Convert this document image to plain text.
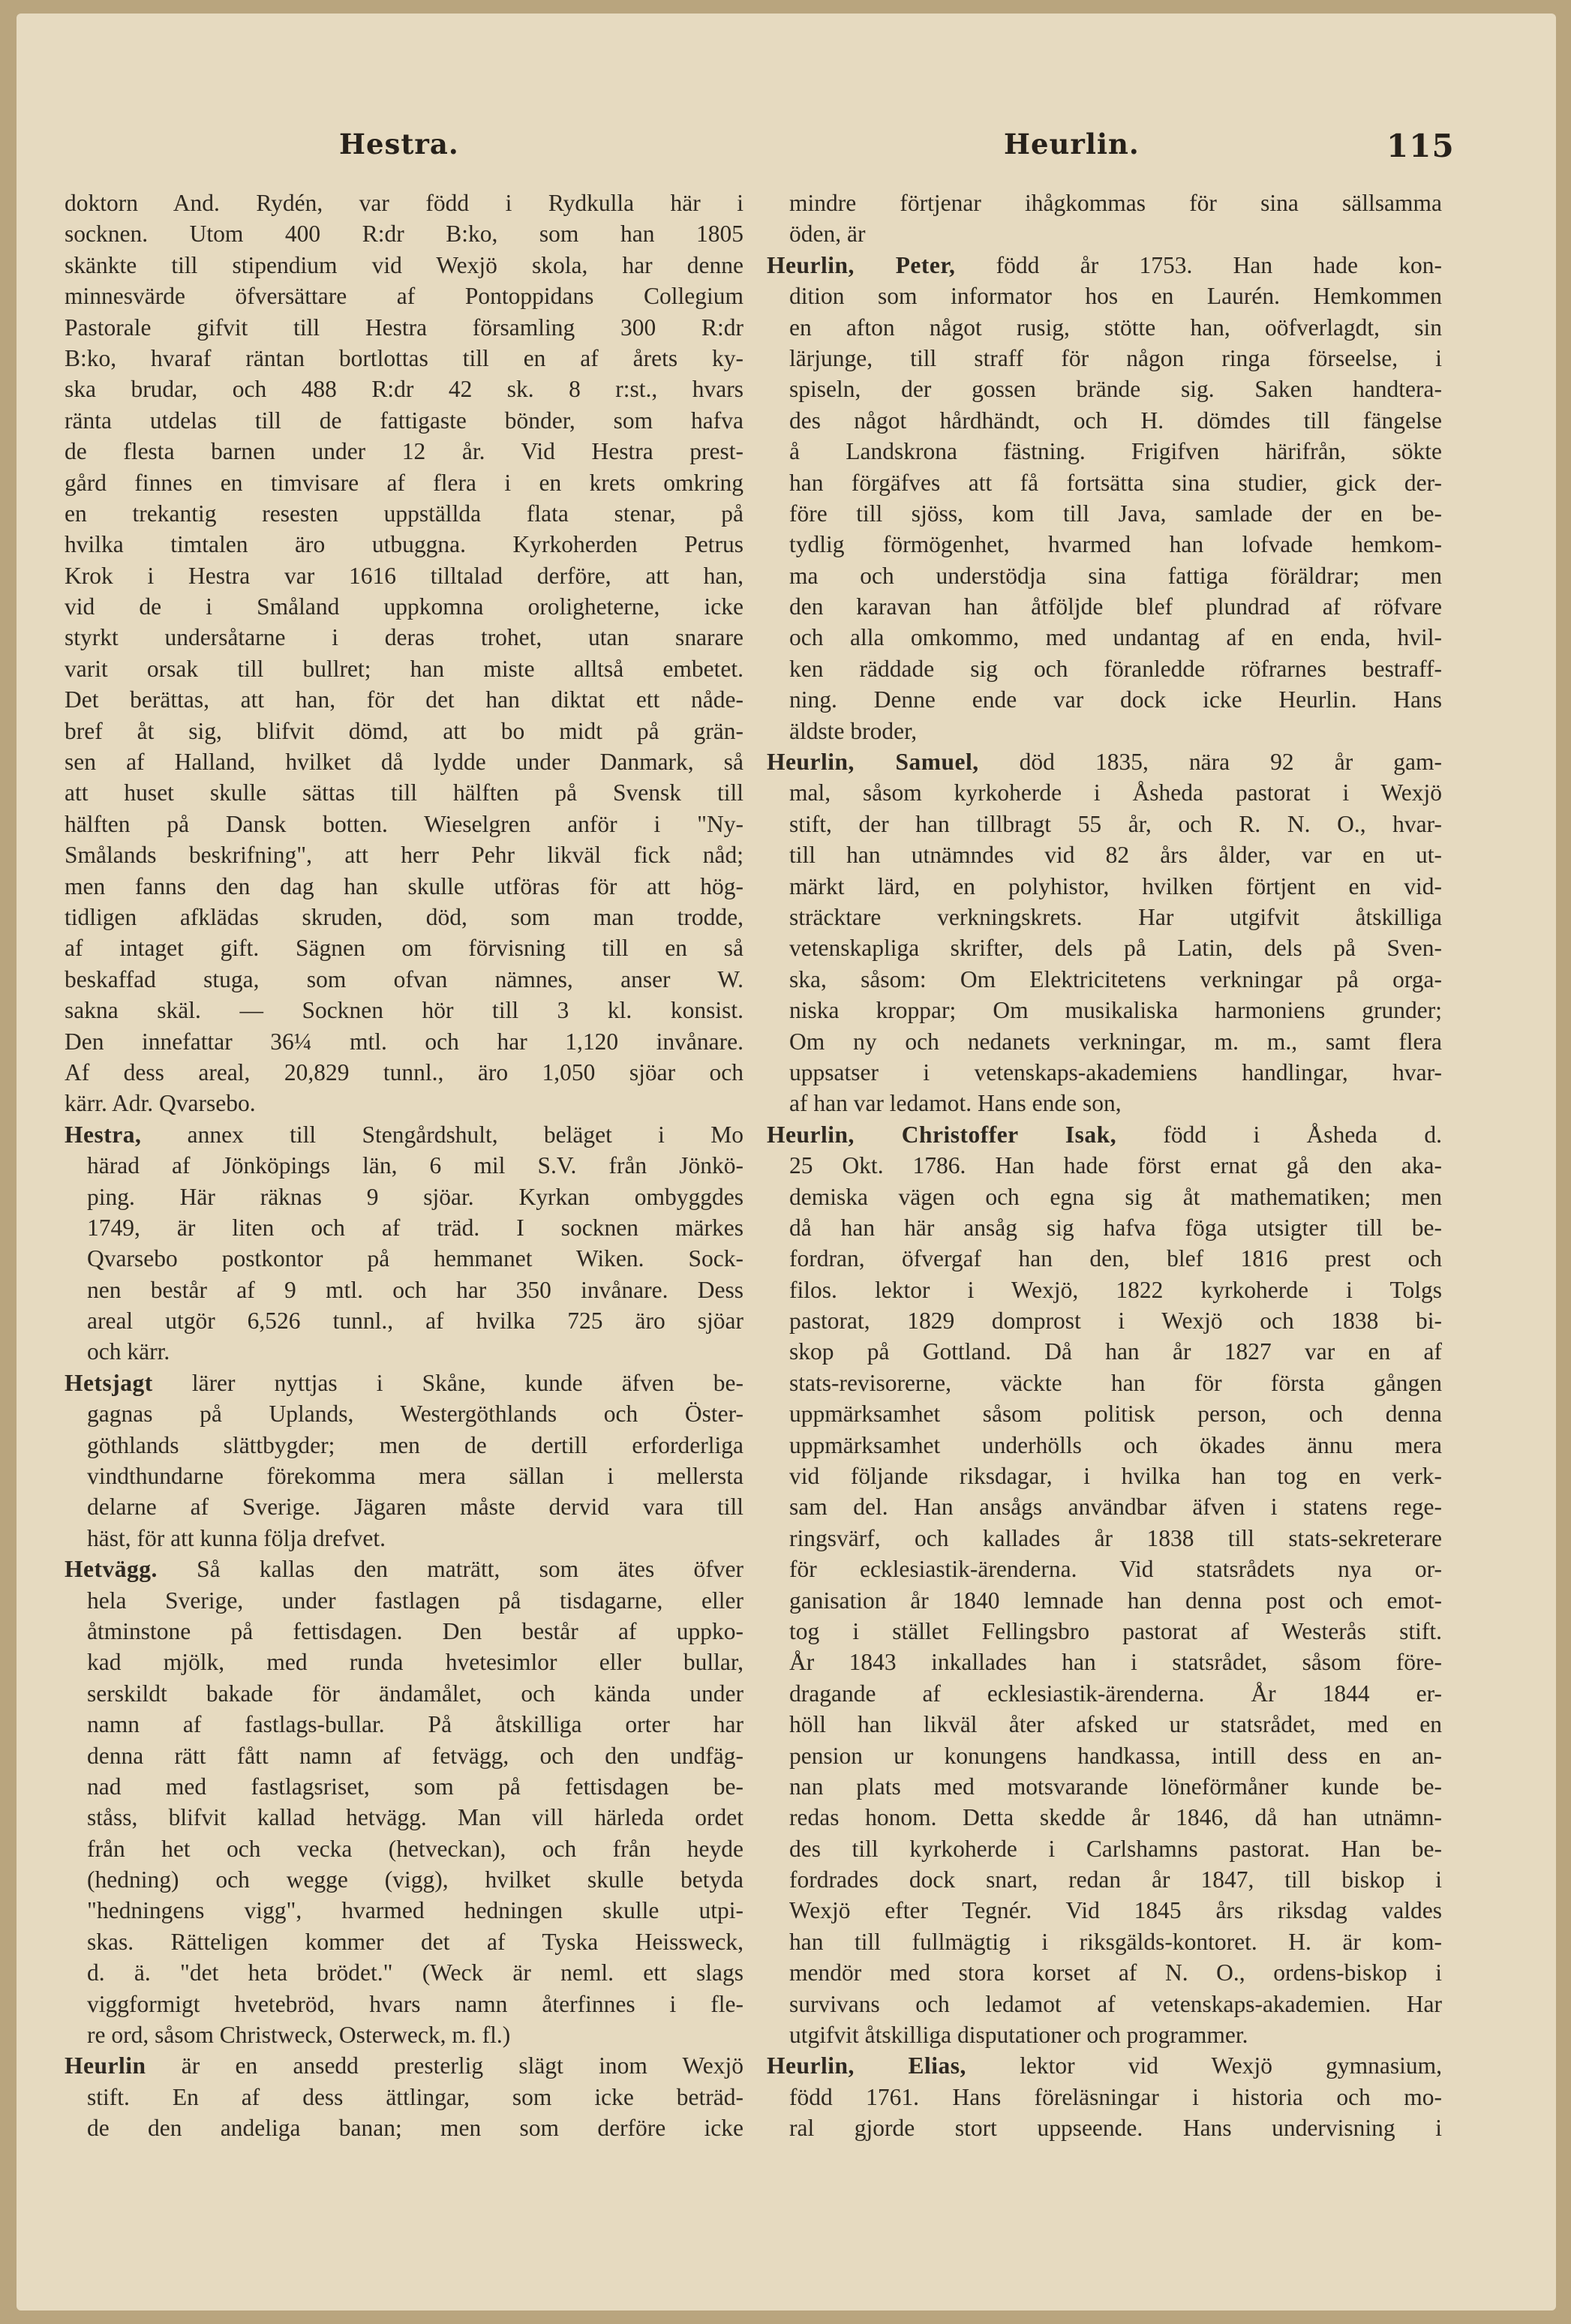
Hestra.	Heurlin.	115
doktorn And. Rydén, var född i Rydkulla här i
socknen. Utom 400 R:dr B:ko, som han 1805
skänkte till stipendium vid Wexjö skola, har denne
minnesvärde öfversättare af Pontoppidans Collegium
Pastorale gifvit till Hestra församling 300 R:dr
B:ko, hvaraf räntan bortlottas till en af årets ky-
ska brudar, och 488 R:dr 42 sk. 8 r:st., hvars
ränta utdelas till de fattigaste bönder, som hafva
de flesta barnen under 12 år. Vid Hestra prest-
gård finnes en timvisare af flera i en krets omkring
en trekantig resesten uppställda flata stenar, på
hvilka timtalen äro utbuggna. Kyrkoherden Petrus
Krok i Hestra var 1616 tilltalad derföre, att han,
vid de i Småland uppkomna oroligheterne, icke
styrkt undersåtarne i deras trohet, utan snarare
varit orsak till bullret; han miste alltså embetet.
Det berättas, att han, för det han diktat ett nåde-
bref åt sig, blifvit dömd, att bo midt på grän-
sen af Halland, hvilket då lydde under Danmark, så
att huset skulle sättas till hälften på Svensk till
hälften på Dansk botten. Wieselgren anför i "Ny-
Smålands beskrifning", att herr Pehr likväl fick nåd;
men fanns den dag han skulle utföras för att hög-
tidligen afklädas skruden, död, som man trodde,
af intaget gift. Sägnen om förvisning till en så
beskaffad stuga, som ofvan nämnes, anser W.
sakna skäl. — Socknen hör till 3 kl. konsist.
Den innefattar 36¼ mtl. och har 1,120 invånare.
Af dess areal, 20,829 tunnl., äro 1,050 sjöar och
kärr. Adr. Qvarsebo.
Hestra, annex till Stengårdshult, beläget i Mo
härad af Jönköpings län, 6 mil S.V. från Jönkö-
ping. Här räknas 9 sjöar. Kyrkan ombyggdes
1749, är liten och af träd. I socknen märkes
Qvarsebo postkontor på hemmanet Wiken. Sock-
nen består af 9 mtl. och har 350 invånare. Dess
areal utgör 6,526 tunnl., af hvilka 725 äro sjöar
och kärr.
Hetsjagt lärer nyttjas i Skåne, kunde äfven be-
gagnas på Uplands, Westergöthlands och Öster-
göthlands slättbygder; men de dertill erforderliga
vindthundarne förekomma mera sällan i mellersta
delarne af Sverige. Jägaren måste dervid vara till
häst, för att kunna följa drefvet.
Hetvägg. Så kallas den maträtt, som ätes öfver
hela Sverige, under fastlagen på tisdagarne, eller
åtminstone på fettisdagen. Den består af uppko-
kad mjölk, med runda hvetesimlor eller bullar,
serskildt bakade för ändamålet, och kända under
namn af fastlags-bullar. På åtskilliga orter har
denna rätt fått namn af fetvägg, och den undfäg-
nad med fastlagsriset, som på fettisdagen be-
ståss, blifvit kallad hetvägg. Man vill härleda ordet
från het och vecka (hetveckan), och från heyde
(hedning) och wegge (vigg), hvilket skulle betyda
"hedningens vigg", hvarmed hedningen skulle utpi-
skas. Rätteligen kommer det af Tyska Heissweck,
d. ä. "det heta brödet." (Weck är neml. ett slags
viggformigt hvetebröd, hvars namn återfinnes i fle-
re ord, såsom Christweck, Osterweck, m. fl.)
Heurlin är en ansedd presterlig slägt inom Wexjö
stift. En af dess ättlingar, som icke beträd-
de den andeliga banan; men som derföre icke
mindre förtjenar ihågkommas för sina sällsamma
öden, är
Heurlin, Peter, född år 1753. Han hade kon-
dition som informator hos en Laurén. Hemkommen
en afton något rusig, stötte han, oöfverlagdt, sin
lärjunge, till straff för någon ringa förseelse, i
spiseln, der gossen brände sig. Saken handtera-
des något hårdhändt, och H. dömdes till fängelse
å Landskrona fästning. Frigifven härifrån, sökte
han förgäfves att få fortsätta sina studier, gick der-
före till sjöss, kom till Java, samlade der en be-
tydlig förmögenhet, hvarmed han lofvade hemkom-
ma och understödja sina fattiga föräldrar; men
den karavan han åtföljde blef plundrad af röfvare
och alla omkommo, med undantag af en enda, hvil-
ken räddade sig och föranledde röfrarnes bestraff-
ning. Denne ende var dock icke Heurlin. Hans
äldste broder,
Heurlin, Samuel, död 1835, nära 92 år gam-
mal, såsom kyrkoherde i Åsheda pastorat i Wexjö
stift, der han tillbragt 55 år, och R. N. O., hvar-
till han utnämndes vid 82 års ålder, var en ut-
märkt lärd, en polyhistor, hvilken förtjent en vid-
sträcktare verkningskrets. Har utgifvit åtskilliga
vetenskapliga skrifter, dels på Latin, dels på Sven-
ska, såsom: Om Elektricitetens verkningar på orga-
niska kroppar; Om musikaliska harmoniens grunder;
Om ny och nedanets verkningar, m. m., samt flera
uppsatser i vetenskaps-akademiens handlingar, hvar-
af han var ledamot. Hans ende son,
Heurlin, Christoffer Isak, född i Åsheda d.
25 Okt. 1786. Han hade först ernat gå den aka-
demiska vägen och egna sig åt mathematiken; men
då han här ansåg sig hafva föga utsigter till be-
fordran, öfvergaf han den, blef 1816 prest och
filos. lektor i Wexjö, 1822 kyrkoherde i Tolgs
pastorat, 1829 domprost i Wexjö och 1838 bi-
skop på Gottland. Då han år 1827 var en af
stats-revisorerne, väckte han för första gången
uppmärksamhet såsom politisk person, och denna
uppmärksamhet underhölls och ökades ännu mera
vid följande riksdagar, i hvilka han tog en verk-
sam del. Han ansågs användbar äfven i statens rege-
ringsvärf, och kallades år 1838 till stats-sekreterare
för ecklesiastik-ärenderna. Vid statsrådets nya or-
ganisation år 1840 lemnade han denna post och emot-
tog i stället Fellingsbro pastorat af Westerås stift.
År 1843 inkallades han i statsrådet, såsom före-
dragande af ecklesiastik-ärenderna. År 1844 er-
höll han likväl åter afsked ur statsrådet, med en
pension ur konungens handkassa, intill dess en an-
nan plats med motsvarande löneförmåner kunde be-
redas honom. Detta skedde år 1846, då han utnämn-
des till kyrkoherde i Carlshamns pastorat. Han be-
fordrades dock snart, redan år 1847, till biskop i
Wexjö efter Tegnér. Vid 1845 års riksdag valdes
han till fullmägtig i riksgälds-kontoret. H. är kom-
mendör med stora korset af N. O., ordens-biskop i
survivans och ledamot af vetenskaps-akademien. Har
utgifvit åtskilliga disputationer och programmer.
Heurlin, Elias, lektor vid Wexjö gymnasium,
född 1761. Hans föreläsningar i historia och mo-
ral gjorde stort uppseende. Hans undervisning i
